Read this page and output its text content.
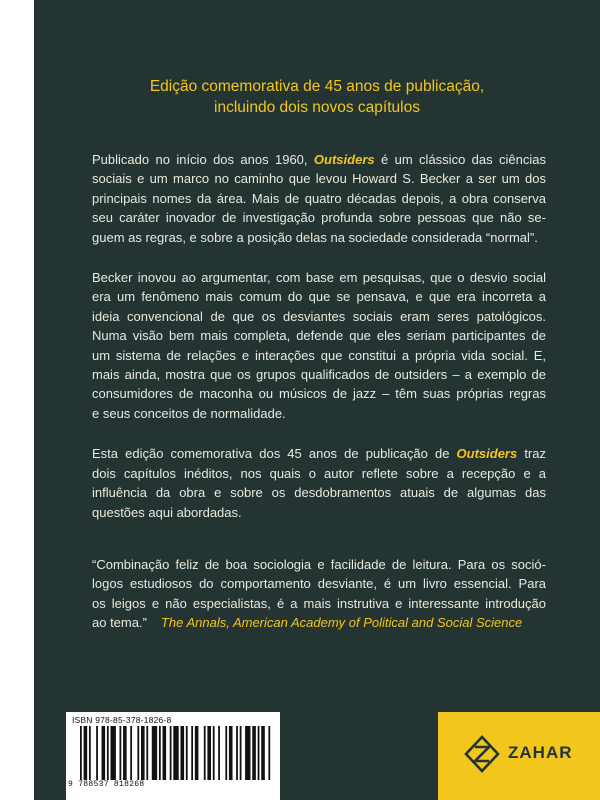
Edição comemorativa de 45 anos de publicação,
incluindo dois novos capítulos

Publicado no início dos anos 1960, Outsiders é um clássico das ciências
sociais e um marco no caminho que levou Howard S. Becker a ser um dos
principais nomes da área. Mais de quatro décadas depois, a obra conserva
seu caráter inovador de investigação profunda sobre pessoas que não se-
guem as regras, e sobre a posição delas na sociedade considerada “normal”.

Becker inovou ao argumentar, com base em pesquisas, que o desvio social
era um fenômeno mais comum do que se pensava, e que era incorreta a
ideia convencional de que os desviantes sociais eram seres patológicos.
Numa visão bem mais completa, defende que eles seriam participantes de
um sistema de relações e interações que constitui a própria vida social. E,
mais ainda, mostra que os grupos qualificados de outsiders – a exemplo de
consumidores de maconha ou músicos de jazz – têm suas próprias regras
e seus conceitos de normalidade.

Esta edição comemorativa dos 45 anos de publicação de Outsiders traz
dois capítulos inéditos, nos quais o autor reflete sobre a recepção e a
influência da obra e sobre os desdobramentos atuais de algumas das
questões aqui abordadas.

“Combinação feliz de boa sociologia e facilidade de leitura. Para os soció-
logos estudiosos do comportamento desviante, é um livro essencial. Para
os leigos e não especialistas, é a mais instrutiva e interessante introdução
ao tema.” The Annals, American Academy of Political and Social Science
ISBN 978-85-378-1826-8
9 788537 818268
ZAHAR
